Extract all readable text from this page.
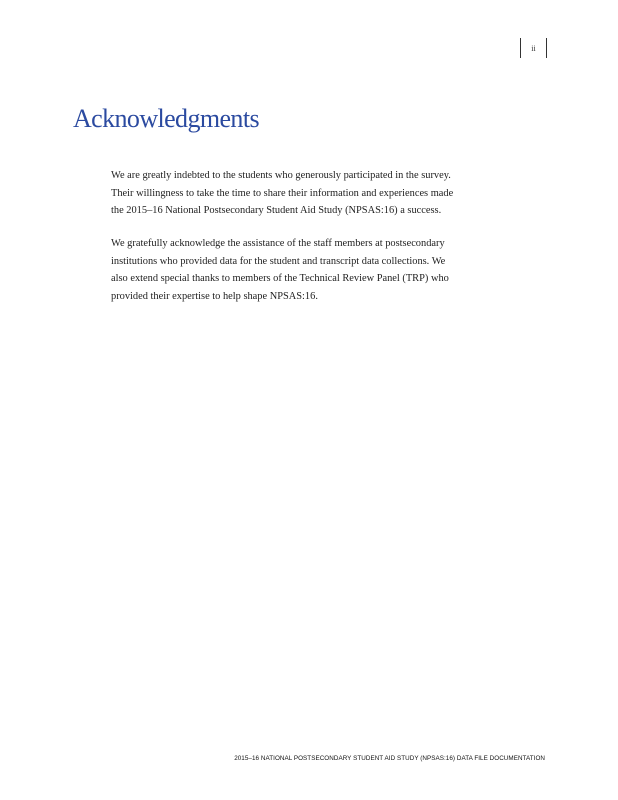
ii
Acknowledgments

We are greatly indebted to the students who generously participated in the survey.
Their willingness to take the time to share their information and experiences made
the 2015–16 National Postsecondary Student Aid Study (NPSAS:16) a success.

We gratefully acknowledge the assistance of the staff members at postsecondary
institutions who provided data for the student and transcript data collections. We
also extend special thanks to members of the Technical Review Panel (TRP) who
provided their expertise to help shape NPSAS:16.

2015–16 NATIONAL POSTSECONDARY STUDENT AID STUDY (NPSAS:16) DATA FILE DOCUMENTATION
